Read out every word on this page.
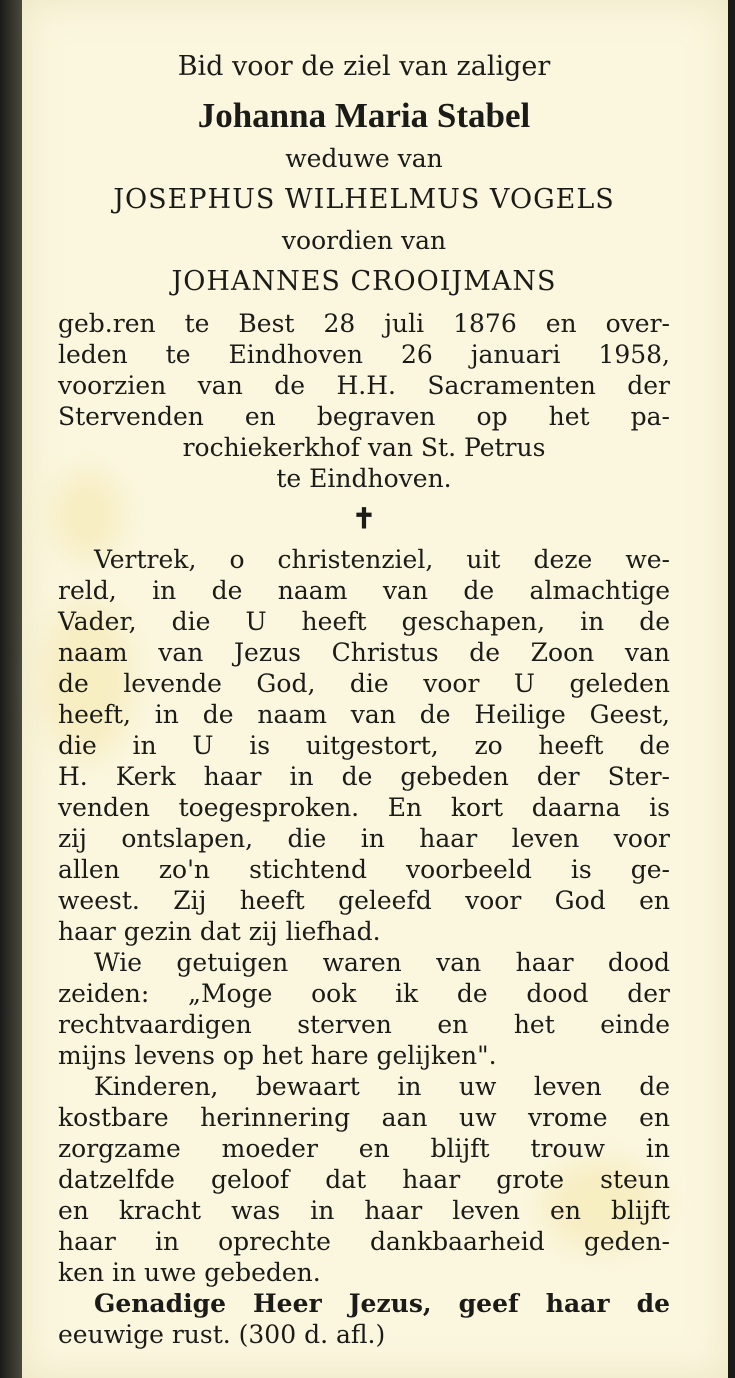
Bid voor de ziel van zaliger
Johanna Maria Stabel
weduwe van
JOSEPHUS WILHELMUS VOGELS
voordien van
JOHANNES CROOIJMANS
geb.ren te Best 28 juli 1876 en over-
leden te Eindhoven 26 januari 1958,
voorzien van de H.H. Sacramenten der
Stervenden en begraven op het pa-
rochiekerkhof van St. Petrus
te Eindhoven.
✝
Vertrek, o christenziel, uit deze we-
reld, in de naam van de almachtige
Vader, die U heeft geschapen, in de
naam van Jezus Christus de Zoon van
de levende God, die voor U geleden
heeft, in de naam van de Heilige Geest,
die in U is uitgestort, zo heeft de
H. Kerk haar in de gebeden der Ster-
venden toegesproken. En kort daarna is
zij ontslapen, die in haar leven voor
allen zo'n stichtend voorbeeld is ge-
weest. Zij heeft geleefd voor God en
haar gezin dat zij liefhad.
Wie getuigen waren van haar dood
zeiden: „Moge ook ik de dood der
rechtvaardigen sterven en het einde
mijns levens op het hare gelijken".
Kinderen, bewaart in uw leven de
kostbare herinnering aan uw vrome en
zorgzame moeder en blijft trouw in
datzelfde geloof dat haar grote steun
en kracht was in haar leven en blijft
haar in oprechte dankbaarheid geden-
ken in uwe gebeden.
Genadige Heer Jezus, geef haar de
eeuwige rust. (300 d. afl.)
